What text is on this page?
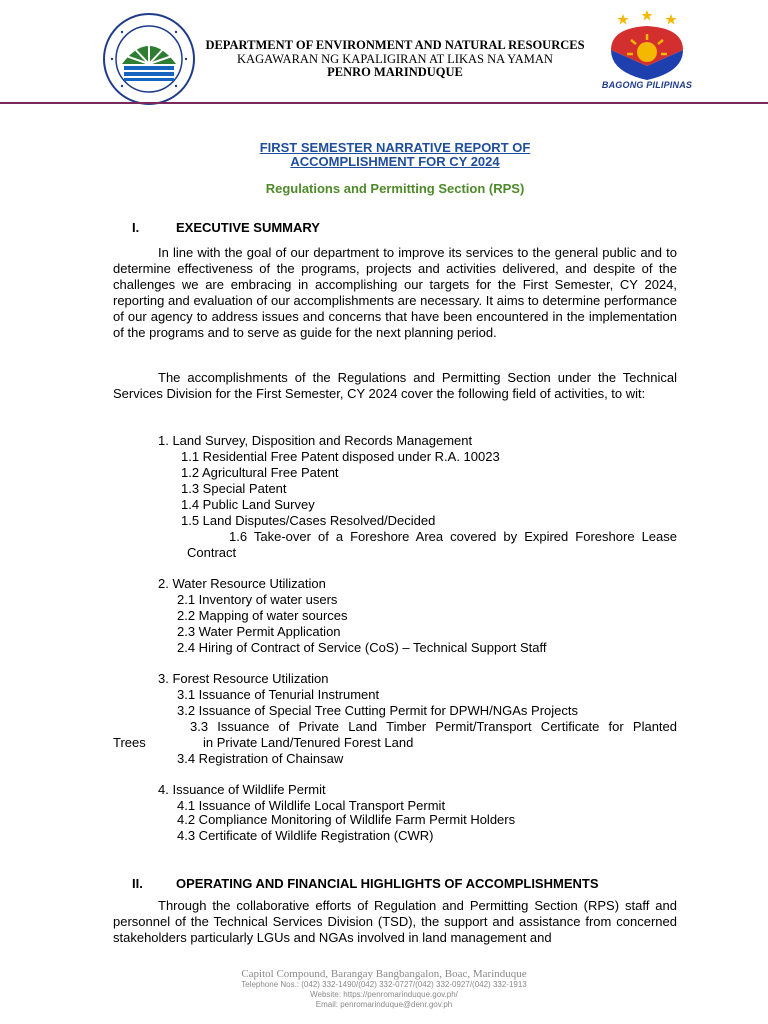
DEPARTMENT OF ENVIRONMENT AND NATURAL RESOURCES
KAGAWARAN NG KAPALIGIRAN AT LIKAS NA YAMAN
PENRO MARINDUQUE
BAGONG PILIPINAS
FIRST SEMESTER NARRATIVE REPORT OF
ACCOMPLISHMENT FOR CY 2024
Regulations and Permitting Section (RPS)
I.	EXECUTIVE SUMMARY

In line with the goal of our department to improve its services to the general public and to determine effectiveness of the programs, projects and activities delivered, and despite of the challenges we are embracing in accomplishing our targets for the First Semester, CY 2024, reporting and evaluation of our accomplishments are necessary. It aims to determine performance of our agency to address issues and concerns that have been encountered in the implementation of the programs and to serve as guide for the next planning period.

The accomplishments of the Regulations and Permitting Section under the Technical Services Division for the First Semester, CY 2024 cover the following field of activities, to wit:

1. Land Survey, Disposition and Records Management
1.1 Residential Free Patent disposed under R.A. 10023
1.2 Agricultural Free Patent
1.3 Special Patent
1.4 Public Land Survey
1.5 Land Disputes/Cases Resolved/Decided
1.6 Take-over of a Foreshore Area covered by Expired Foreshore Lease Contract
2. Water Resource Utilization
2.1 Inventory of water users
2.2 Mapping of water sources
2.3 Water Permit Application
2.4 Hiring of Contract of Service (CoS) – Technical Support Staff
3. Forest Resource Utilization
3.1 Issuance of Tenurial Instrument
3.2 Issuance of Special Tree Cutting Permit for DPWH/NGAs Projects
3.3 Issuance of Private Land Timber Permit/Transport Certificate for Planted
Trees	in Private Land/Tenured Forest Land
3.4 Registration of Chainsaw
4. Issuance of Wildlife Permit
4.1 Issuance of Wildlife Local Transport Permit
4.2 Compliance Monitoring of Wildlife Farm Permit Holders
4.3 Certificate of Wildlife Registration (CWR)
II.	OPERATING AND FINANCIAL HIGHLIGHTS OF ACCOMPLISHMENTS

Through the collaborative efforts of Regulation and Permitting Section (RPS) staff and personnel of the Technical Services Division (TSD), the support and assistance from concerned stakeholders particularly LGUs and NGAs involved in land management and

Capitol Compound, Barangay Bangbangalon, Boac, Marinduque
Telephone Nos.: (042) 332-1490/(042) 332-0727/(042) 332-0927/(042) 332-1913
Website: https://penromarinduque.gov.ph/
Email: penromarinduque@denr.gov.ph
